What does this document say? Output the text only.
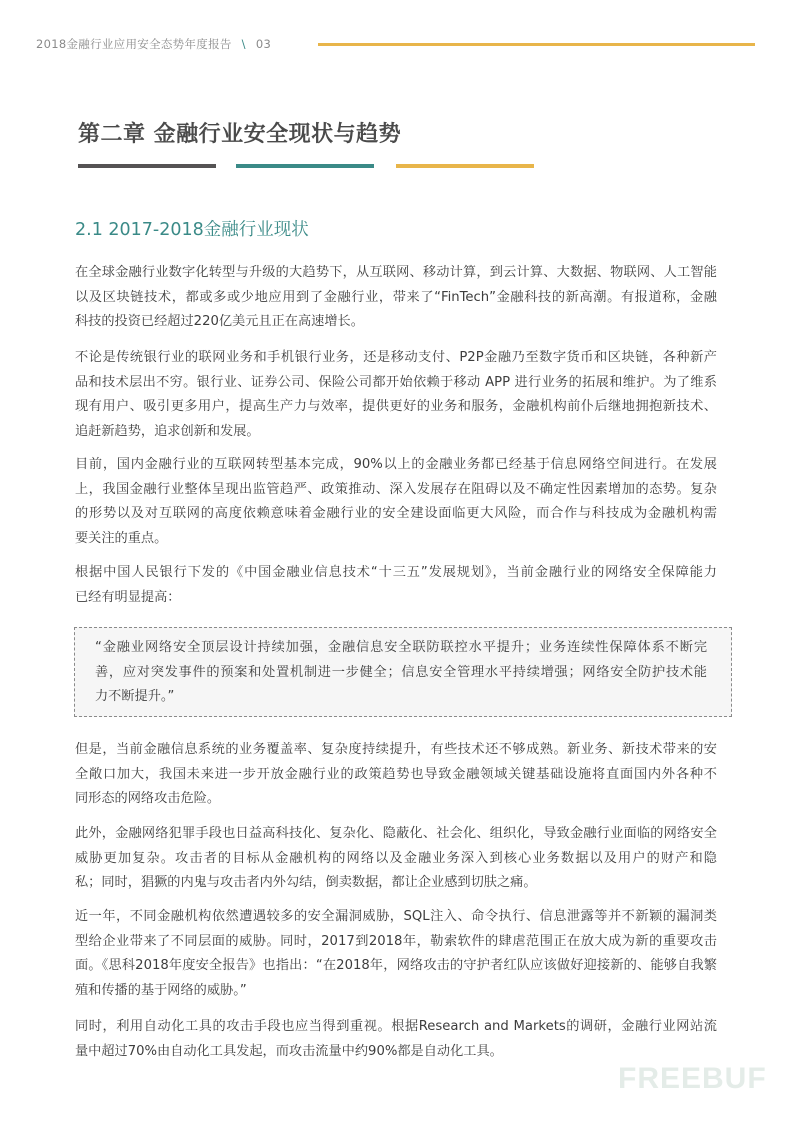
2018金融行业应用安全态势年度报告 \ 03
第二章 金融行业安全现状与趋势
2.1 2017-2018金融行业现状
在全球金融行业数字化转型与升级的大趋势下，从互联网、移动计算，到云计算、大数据、物联网、人工智能
以及区块链技术，都或多或少地应用到了金融行业，带来了“FinTech”金融科技的新高潮。有报道称，金融
科技的投资已经超过220亿美元且正在高速增长。
不论是传统银行业的联网业务和手机银行业务，还是移动支付、P2P金融乃至数字货币和区块链，各种新产
品和技术层出不穷。银行业、证券公司、保险公司都开始依赖于移动 APP 进行业务的拓展和维护。为了维系
现有用户、吸引更多用户，提高生产力与效率，提供更好的业务和服务，金融机构前仆后继地拥抱新技术、
追赶新趋势，追求创新和发展。
目前，国内金融行业的互联网转型基本完成，90%以上的金融业务都已经基于信息网络空间进行。在发展
上，我国金融行业整体呈现出监管趋严、政策推动、深入发展存在阻碍以及不确定性因素增加的态势。复杂
的形势以及对互联网的高度依赖意味着金融行业的安全建设面临更大风险，而合作与科技成为金融机构需
要关注的重点。
根据中国人民银行下发的《中国金融业信息技术“十三五”发展规划》，当前金融行业的网络安全保障能力
已经有明显提高：
但是，当前金融信息系统的业务覆盖率、复杂度持续提升，有些技术还不够成熟。新业务、新技术带来的安
全敞口加大，我国未来进一步开放金融行业的政策趋势也导致金融领域关键基础设施将直面国内外各种不
同形态的网络攻击危险。
此外，金融网络犯罪手段也日益高科技化、复杂化、隐蔽化、社会化、组织化，导致金融行业面临的网络安全
威胁更加复杂。攻击者的目标从金融机构的网络以及金融业务深入到核心业务数据以及用户的财产和隐
私；同时，猖獗的内鬼与攻击者内外勾结，倒卖数据，都让企业感到切肤之痛。
近一年，不同金融机构依然遭遇较多的安全漏洞威胁，SQL注入、命令执行、信息泄露等并不新颖的漏洞类
型给企业带来了不同层面的威胁。同时，2017到2018年，勒索软件的肆虐范围正在放大成为新的重要攻击
面。《思科2018年度安全报告》也指出：“在2018年，网络攻击的守护者红队应该做好迎接新的、能够自我繁
殖和传播的基于网络的威胁。”
同时，利用自动化工具的攻击手段也应当得到重视。根据Research and Markets的调研，金融行业网站流
量中超过70%由自动化工具发起，而攻击流量中约90%都是自动化工具。
“金融业网络安全顶层设计持续加强，金融信息安全联防联控水平提升；业务连续性保障体系不断完
善，应对突发事件的预案和处置机制进一步健全；信息安全管理水平持续增强；网络安全防护技术能
力不断提升。”
FREEBUF
